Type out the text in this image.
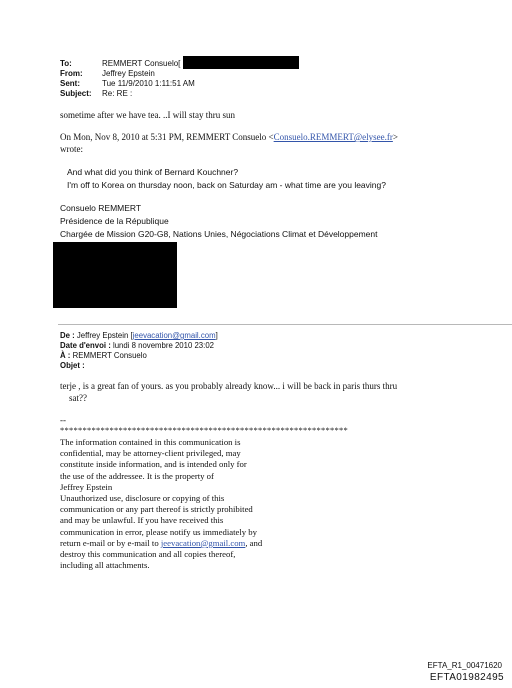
To:	REMMERT Consuelo[
From: Jeffrey Epstein
Sent:	Tue 11/9/2010 1:11:51 AM
Subject: Re: RE :
sometime after we have tea. ..I will stay thru sun
On Mon, Nov 8, 2010 at 5:31 PM, REMMERT Consuelo <Consuelo.REMMERT@elysee.fr>
wrote:
And what did you think of Bernard Kouchner?
I'm off to Korea on thursday noon, back on Saturday am - what time are you leaving?
Consuelo REMMERT
Présidence de la République
Chargée de Mission G20-G8, Nations Unies, Négociations Climat et Développement
De : Jeffrey Epstein [jeevacation@gmail.com]
Date d'envoi : lundi 8 novembre 2010 23:02
À : REMMERT Consuelo
Objet :
terje , is a great fan of yours. as you probably already know... i will be back in paris thurs thru
sat??
--
****************************************************************
The information contained in this communication is
confidential, may be attorney-client privileged, may
constitute inside information, and is intended only for
the use of the addressee. It is the property of
Jeffrey Epstein
Unauthorized use, disclosure or copying of this
communication or any part thereof is strictly prohibited
and may be unlawful. If you have received this
communication in error, please notify us immediately by
return e-mail or by e-mail to jeevacation@gmail.com, and
destroy this communication and all copies thereof,
including all attachments.
EFTA_R1_00471620
EFTA01982495
